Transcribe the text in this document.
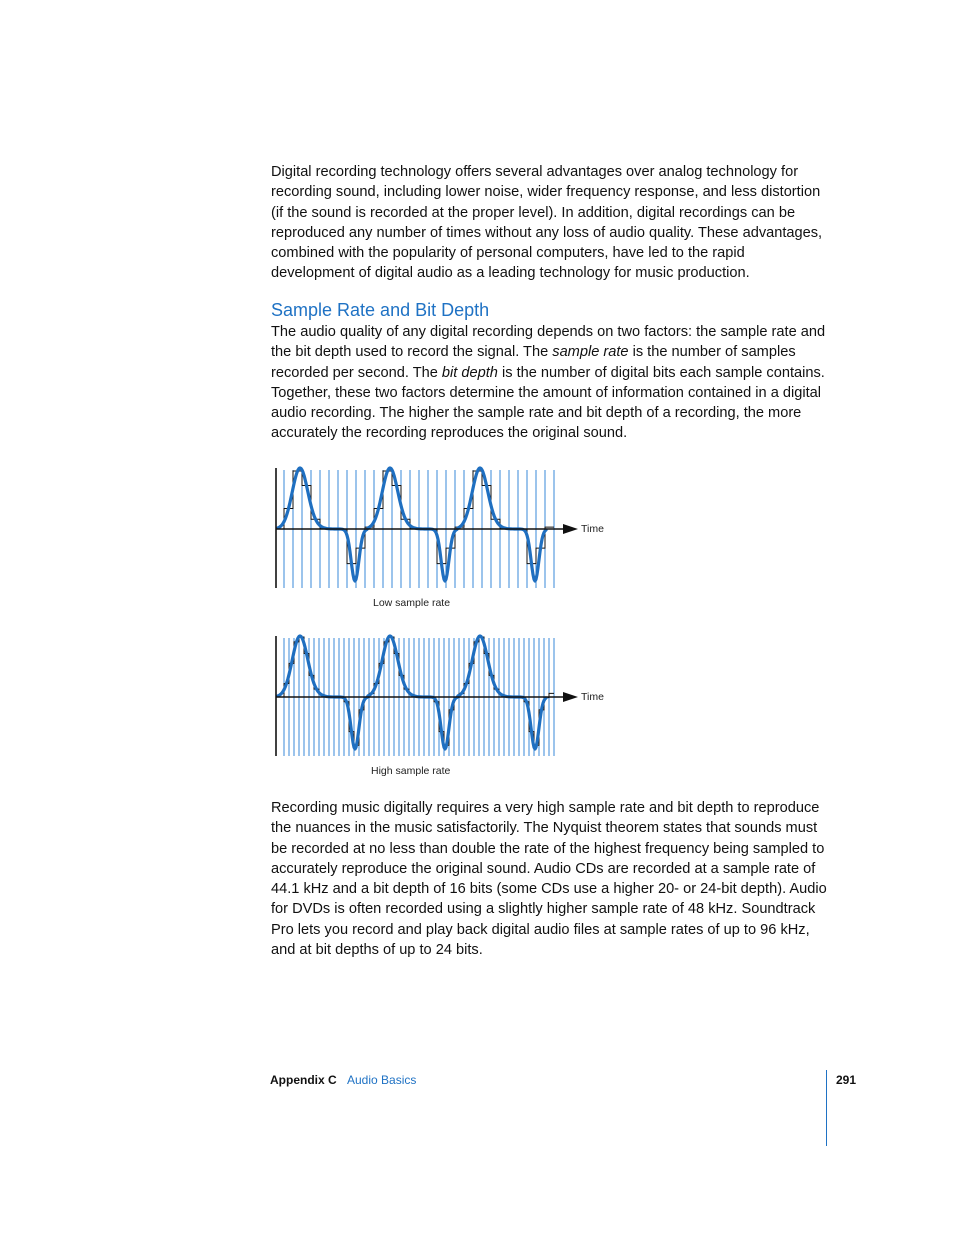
Digital recording technology offers several advantages over analog technology for recording sound, including lower noise, wider frequency response, and less distortion (if the sound is recorded at the proper level). In addition, digital recordings can be reproduced any number of times without any loss of audio quality. These advantages, combined with the popularity of personal computers, have led to the rapid development of digital audio as a leading technology for music production.

Sample Rate and Bit Depth

The audio quality of any digital recording depends on two factors: the sample rate and the bit depth used to record the signal. The sample rate is the number of samples recorded per second. The bit depth is the number of digital bits each sample contains. Together, these two factors determine the amount of information contained in a digital audio recording. The higher the sample rate and bit depth of a recording, the more accurately the recording reproduces the original sound.

Time
Low sample rate
Time
High sample rate

Recording music digitally requires a very high sample rate and bit depth to reproduce the nuances in the music satisfactorily. The Nyquist theorem states that sounds must be recorded at no less than double the rate of the highest frequency being sampled to accurately reproduce the original sound. Audio CDs are recorded at a sample rate of 44.1 kHz and a bit depth of 16 bits (some CDs use a higher 20- or 24-bit depth). Audio for DVDs is often recorded using a slightly higher sample rate of 48 kHz. Soundtrack Pro lets you record and play back digital audio files at sample rates of up to 96 kHz, and at bit depths of up to 24 bits.

Appendix C Audio Basics	291
